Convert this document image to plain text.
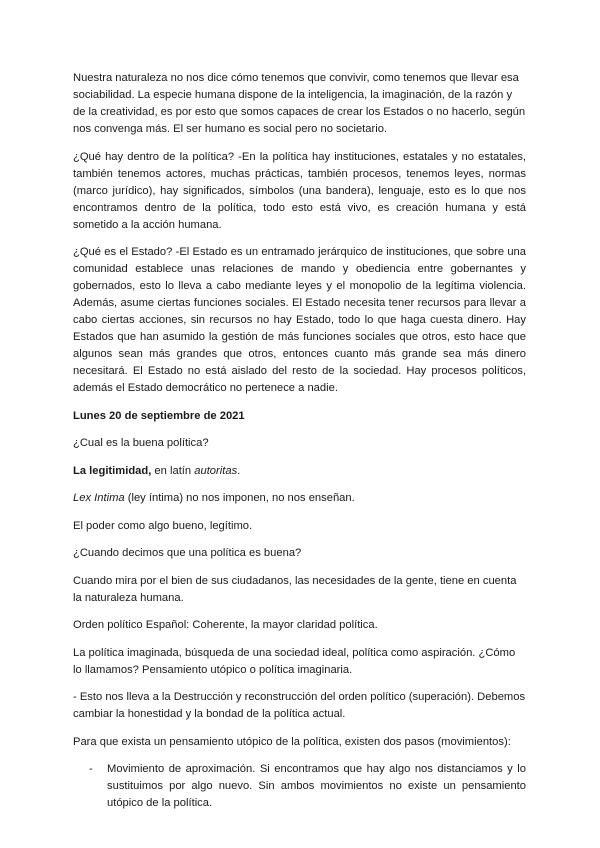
Nuestra naturaleza no nos dice cómo tenemos que convivir, como tenemos que llevar esa sociabilidad. La especie humana dispone de la inteligencia, la imaginación, de la razón y de la creatividad, es por esto que somos capaces de crear los Estados o no hacerlo, según nos convenga más. El ser humano es social pero no societario.

¿Qué hay dentro de la política? -En la política hay instituciones, estatales y no estatales, también tenemos actores, muchas prácticas, también procesos, tenemos leyes, normas (marco jurídico), hay significados, símbolos (una bandera), lenguaje, esto es lo que nos encontramos dentro de la política, todo esto está vivo, es creación humana y está sometido a la acción humana.

¿Qué es el Estado? -El Estado es un entramado jerárquico de instituciones, que sobre una comunidad establece unas relaciones de mando y obediencia entre gobernantes y gobernados, esto lo lleva a cabo mediante leyes y el monopolio de la legítima violencia. Además, asume ciertas funciones sociales. El Estado necesita tener recursos para llevar a cabo ciertas acciones, sin recursos no hay Estado, todo lo que haga cuesta dinero. Hay Estados que han asumido la gestión de más funciones sociales que otros, esto hace que algunos sean más grandes que otros, entonces cuanto más grande sea más dinero necesitará. El Estado no está aislado del resto de la sociedad. Hay procesos políticos, además el Estado democrático no pertenece a nadie.

Lunes 20 de septiembre de 2021

¿Cual es la buena política?

La legitimidad, en latín autoritas.

Lex Intima (ley íntima) no nos imponen, no nos enseñan.

El poder como algo bueno, legítimo.

¿Cuando decimos que una política es buena?

Cuando mira por el bien de sus ciudadanos, las necesidades de la gente, tiene en cuenta la naturaleza humana.

Orden político Español: Coherente, la mayor claridad política.

La política imaginada, búsqueda de una sociedad ideal, política como aspiración. ¿Cómo lo llamamos? Pensamiento utópico o política imaginaria.

- Esto nos lleva a la Destrucción y reconstrucción del orden político (superación). Debemos cambiar la honestidad y la bondad de la política actual.

Para que exista un pensamiento utópico de la política, existen dos pasos (movimientos):

- Movimiento de aproximación. Si encontramos que hay algo nos distanciamos y lo sustituimos por algo nuevo. Sin ambos movimientos no existe un pensamiento utópico de la política.
